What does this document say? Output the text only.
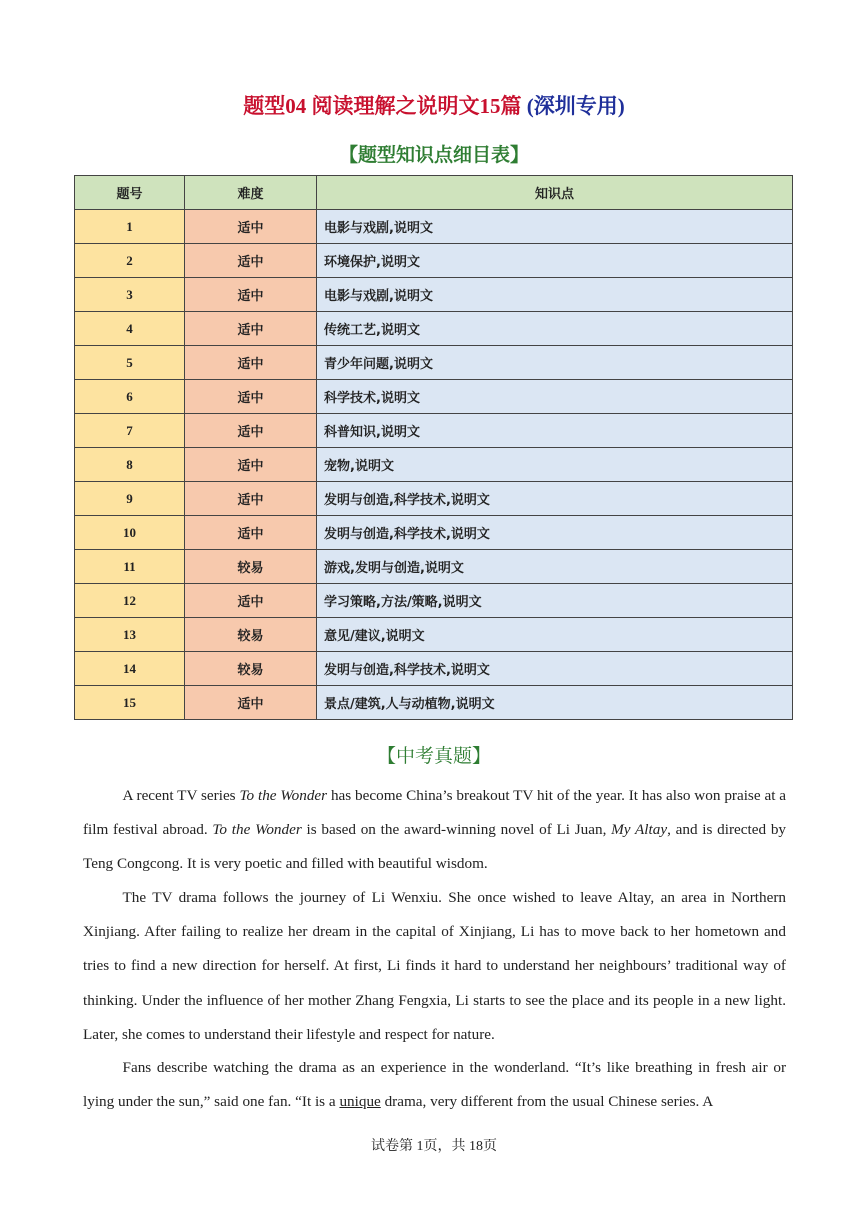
题型04 阅读理解之说明文15篇 (深圳专用)
【题型知识点细目表】
题号	难度	知识点
1	适中	电影与戏剧,说明文
2	适中	环境保护,说明文
3	适中	电影与戏剧,说明文
4	适中	传统工艺,说明文
5	适中	青少年问题,说明文
6	适中	科学技术,说明文
7	适中	科普知识,说明文
8	适中	宠物,说明文
9	适中	发明与创造,科学技术,说明文
10	适中	发明与创造,科学技术,说明文
11	较易	游戏,发明与创造,说明文
12	适中	学习策略,方法/策略,说明文
13	较易	意见/建议,说明文
14	较易	发明与创造,科学技术,说明文
15	适中	景点/建筑,人与动植物,说明文
【中考真题】

A recent TV series To the Wonder has become China’s breakout TV hit of the year. It has also won praise at a film festival abroad. To the Wonder is based on the award-winning novel of Li Juan, My Altay, and is directed by Teng Congcong. It is very poetic and filled with beautiful wisdom.

The TV drama follows the journey of Li Wenxiu. She once wished to leave Altay, an area in Northern Xinjiang. After failing to realize her dream in the capital of Xinjiang, Li has to move back to her hometown and tries to find a new direction for herself. At first, Li finds it hard to understand her neighbours’ traditional way of thinking. Under the influence of her mother Zhang Fengxia, Li starts to see the place and its people in a new light. Later, she comes to understand their lifestyle and respect for nature.

Fans describe watching the drama as an experience in the wonderland. “It’s like breathing in fresh air or lying under the sun,” said one fan. “It is a unique drama, very different from the usual Chinese series. A

试卷第 1页，共 18页
